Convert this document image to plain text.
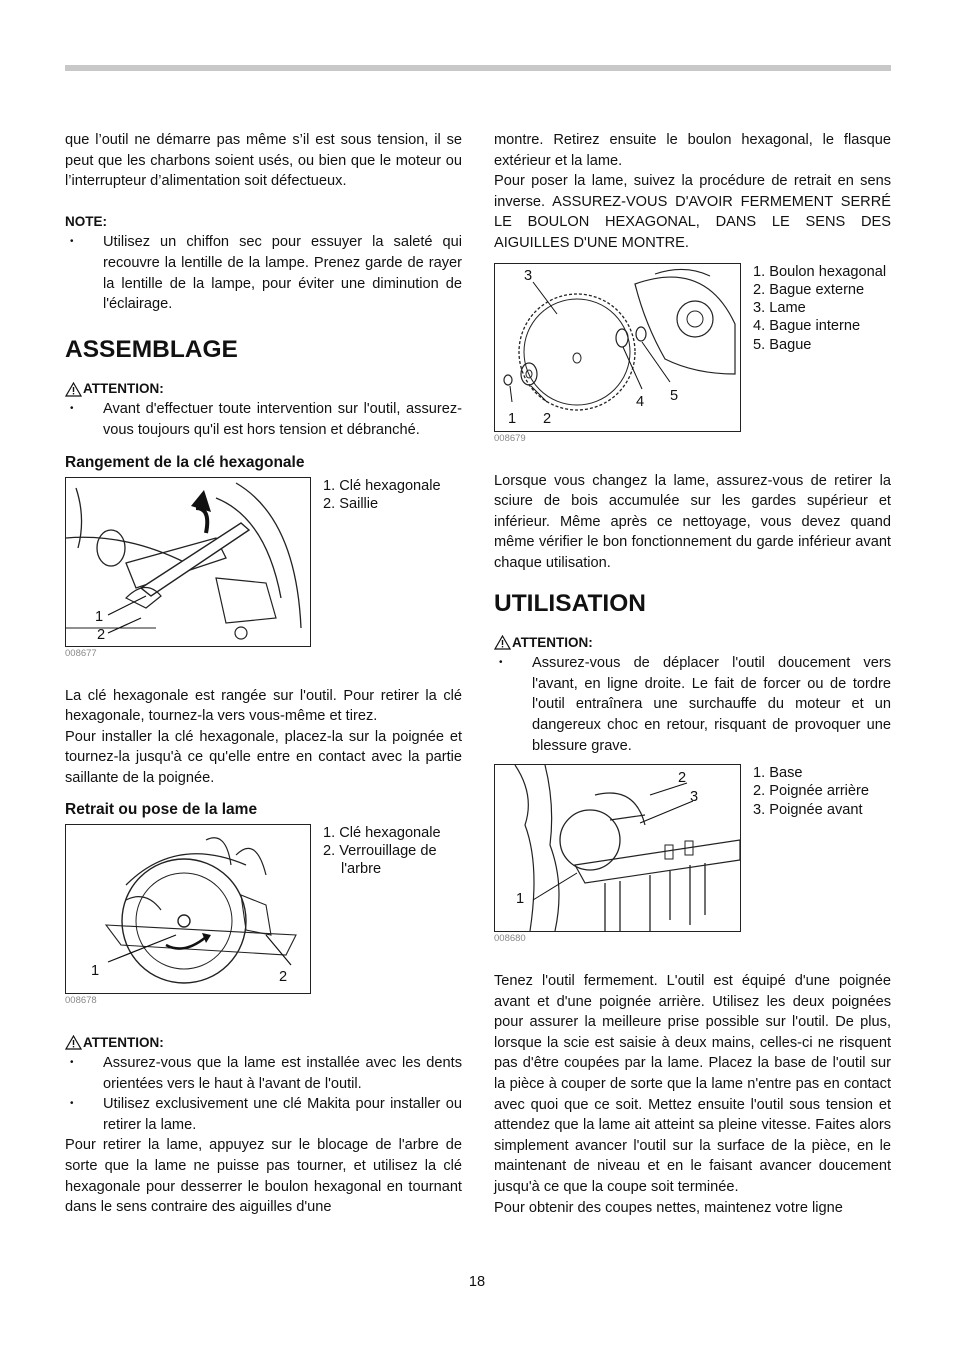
que l’outil ne démarre pas même s’il est sous tension, il se peut que les charbons soient usés, ou bien que le moteur ou l’interrupteur d’alimentation soit défectueux.

NOTE:
• Utilisez un chiffon sec pour essuyer la saleté qui recouvre la lentille de la lampe. Prenez garde de rayer la lentille de la lampe, pour éviter une diminution de l'éclairage.
ASSEMBLAGE
ATTENTION:
• Avant d'effectuer toute intervention sur l'outil, assurez-vous toujours qu'il est hors tension et débranché.
Rangement de la clé hexagonale
1
2
008677
1. Clé hexagonale
2. Saillie

La clé hexagonale est rangée sur l'outil. Pour retirer la clé hexagonale, tournez-la vers vous-même et tirez.

Pour installer la clé hexagonale, placez-la sur la poignée et tournez-la jusqu'à ce qu'elle entre en contact avec la partie saillante de la poignée.

Retrait ou pose de la lame
1	2
008678
1. Clé hexagonale
2. Verrouillage de l'arbre
ATTENTION:
• Assurez-vous que la lame est installée avec les dents orientées vers le haut à l'avant de l'outil.
• Utilisez exclusivement une clé Makita pour installer ou retirer la lame.

Pour retirer la lame, appuyez sur le blocage de l'arbre de sorte que la lame ne puisse pas tourner, et utilisez la clé hexagonale pour desserrer le boulon hexagonal en tournant dans le sens contraire des aiguilles d'une

montre. Retirez ensuite le boulon hexagonal, le flasque extérieur et la lame.

Pour poser la lame, suivez la procédure de retrait en sens inverse. ASSUREZ-VOUS D'AVOIR FERMEMENT SERRÉ LE BOULON HEXAGONAL, DANS LE SENS DES AIGUILLES D'UNE MONTRE.

3
1 2
4 5
008679
1. Boulon hexagonal
2. Bague externe
3. Lame
4. Bague interne
5. Bague

Lorsque vous changez la lame, assurez-vous de retirer la sciure de bois accumulée sur les gardes supérieur et inférieur. Même après ce nettoyage, vous devez quand même vérifier le bon fonctionnement du garde inférieur avant chaque utilisation.

UTILISATION
ATTENTION:
• Assurez-vous de déplacer l'outil doucement vers l'avant, en ligne droite. Le fait de forcer ou de tordre l'outil entraînera une surchauffe du moteur et un dangereux choc en retour, risquant de provoquer une blessure grave.
2
3
1
008680
1. Base
2. Poignée arrière
3. Poignée avant

Tenez l'outil fermement. L'outil est équipé d'une poignée avant et d'une poignée arrière. Utilisez les deux poignées pour assurer la meilleure prise possible sur l'outil. De plus, lorsque la scie est saisie à deux mains, celles-ci ne risquent pas d'être coupées par la lame. Placez la base de l'outil sur la pièce à couper de sorte que la lame n'entre pas en contact avec quoi que ce soit. Mettez ensuite l'outil sous tension et attendez que la lame ait atteint sa pleine vitesse. Faites alors simplement avancer l'outil sur la surface de la pièce, en le maintenant de niveau et en le faisant avancer doucement jusqu'à ce que la coupe soit terminée.

Pour obtenir des coupes nettes, maintenez votre ligne

18
